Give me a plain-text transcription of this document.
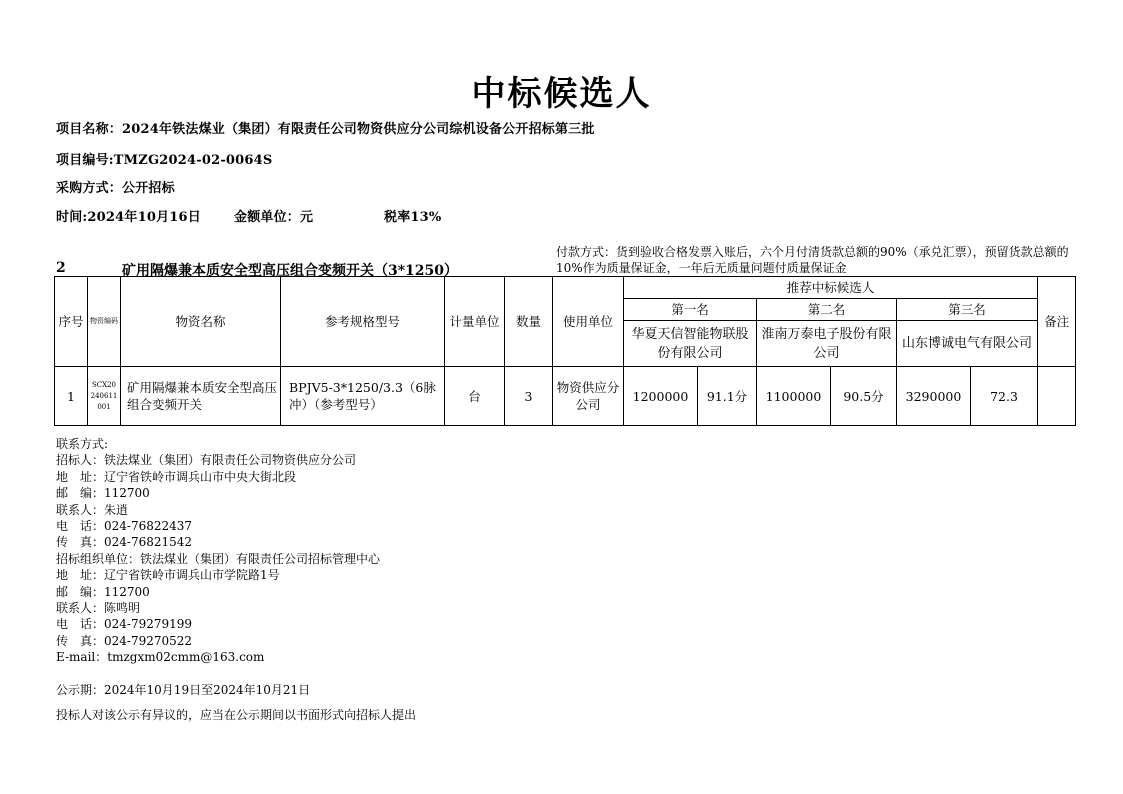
中标候选人
项目名称：2024年铁法煤业（集团）有限责任公司物资供应分公司综机设备公开招标第三批
项目编号:TMZG2024-02-0064S
采购方式：公开招标
时间:2024年10月16日	金额单位：元	税率13%
2	矿用隔爆兼本质安全型高压组合变频开关（3*1250）
付款方式：货到验收合格发票入账后，六个月付清货款总额的90%（承兑汇票），预留货款总额的10%作为质量保证金，一年后无质量问题付质量保证金
序号	物资编码	物资名称	参考规格型号	计量单位	数量	使用单位	推荐中标候选人						备注
							第一名		第二名		第三名		
							华夏天信智能物联股份有限公司		淮南万泰电子股份有限公司		山东博诚电气有限公司		
1	SCX20240611001	矿用隔爆兼本质安全型高压组合变频开关	BPJV5-3*1250/3.3（6脉冲）（参考型号）	台	3	物资供应分公司	1200000	91.1分	1100000	90.5分	3290000	72.3	
联系方式:
招标人：铁法煤业（集团）有限责任公司物资供应分公司
地　址：辽宁省铁岭市调兵山市中央大街北段
邮　编：112700
联系人：朱逍
电　话：024-76822437
传　真：024-76821542
招标组织单位：铁法煤业（集团）有限责任公司招标管理中心
地　址：辽宁省铁岭市调兵山市学院路1号
邮　编：112700
联系人：陈鸣明
电　话：024-79279199
传　真：024-79270522
E-mail：tmzgxm02cmm@163.com
公示期：2024年10月19日至2024年10月21日
投标人对该公示有异议的，应当在公示期间以书面形式向招标人提出
